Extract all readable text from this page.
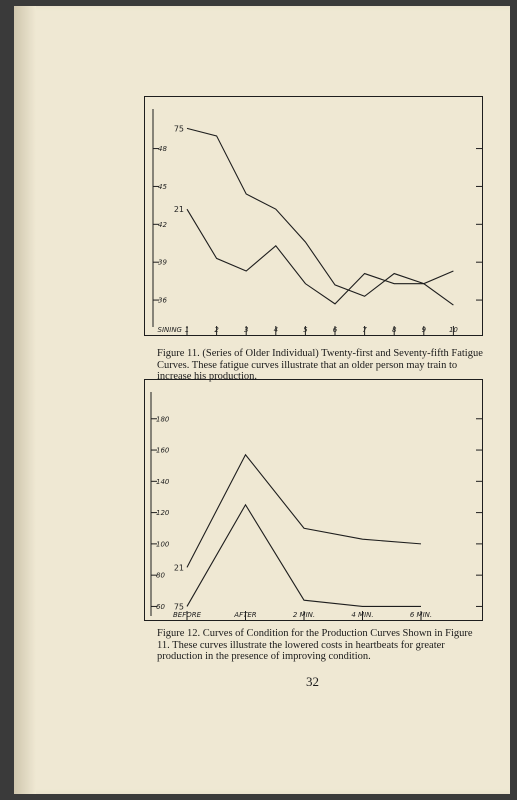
36
39
42
45
48
1	2	3	4	5	6	7	8	9	10
SINING
75
21
Figure 11. (Series of Older Individual) Twenty-first and Seventy-fifth Fatigue Curves. These fatigue curves illustrate that an older person may train to increase his production.
60
80
100
120
140
160
180
BEFORE	AFTER	2 MIN.	4 MIN.	6 MIN.
21
75
Figure 12. Curves of Condition for the Production Curves Shown in Figure 11. These curves illustrate the lowered costs in heartbeats for greater production in the presence of improving condition.
32
